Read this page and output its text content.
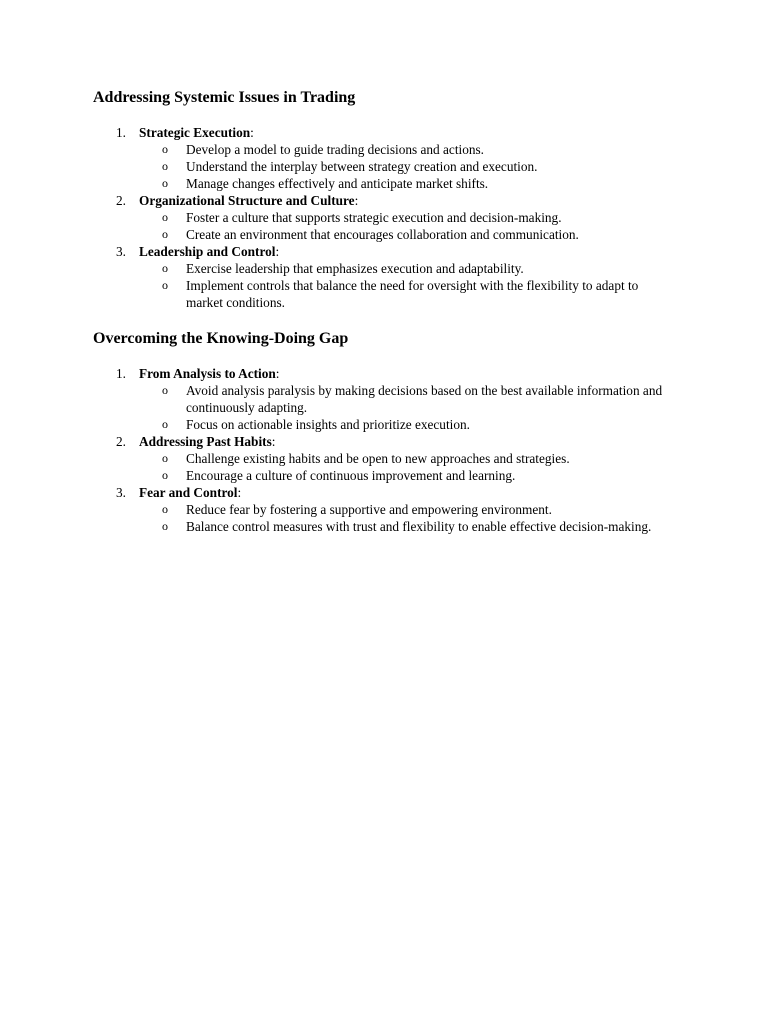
Addressing Systemic Issues in Trading
1. Strategic Execution:
o Develop a model to guide trading decisions and actions.
o Understand the interplay between strategy creation and execution.
o Manage changes effectively and anticipate market shifts.
2. Organizational Structure and Culture:
o Foster a culture that supports strategic execution and decision-making.
o Create an environment that encourages collaboration and communication.
3. Leadership and Control:
o Exercise leadership that emphasizes execution and adaptability.
o Implement controls that balance the need for oversight with the flexibility to adapt to market conditions.
Overcoming the Knowing-Doing Gap
1. From Analysis to Action:
o Avoid analysis paralysis by making decisions based on the best available information and continuously adapting.
o Focus on actionable insights and prioritize execution.
2. Addressing Past Habits:
o Challenge existing habits and be open to new approaches and strategies.
o Encourage a culture of continuous improvement and learning.
3. Fear and Control:
o Reduce fear by fostering a supportive and empowering environment.
o Balance control measures with trust and flexibility to enable effective decision-making.
